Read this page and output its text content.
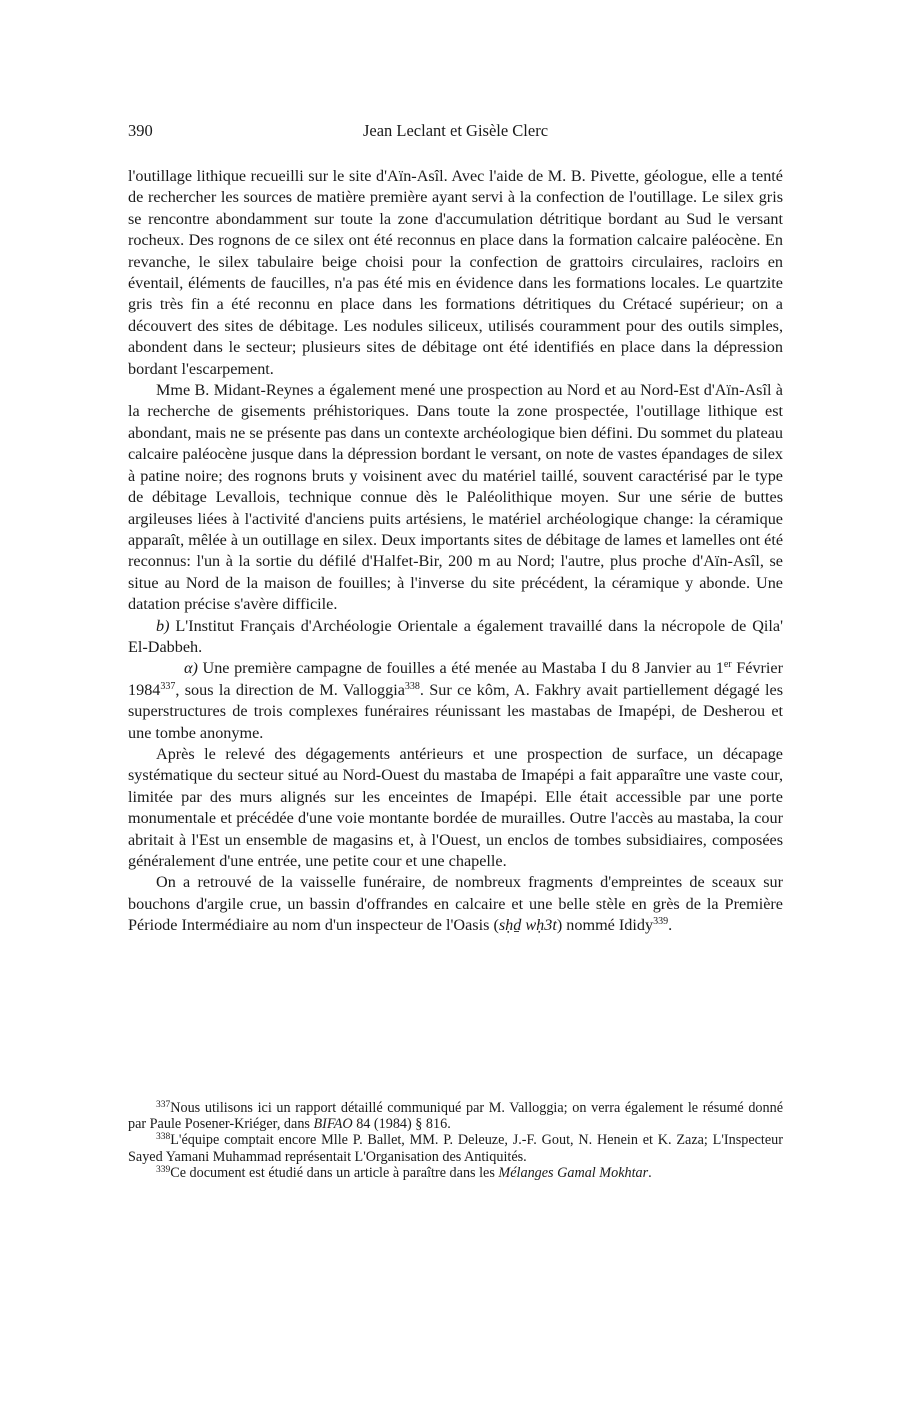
390	Jean Leclant et Gisèle Clerc

l'outillage lithique recueilli sur le site d'Aïn-Asîl. Avec l'aide de M. B. Pivette, géologue, elle a tenté de rechercher les sources de matière première ayant servi à la confection de l'outillage. Le silex gris se rencontre abondamment sur toute la zone d'accumulation détritique bordant au Sud le versant rocheux. Des rognons de ce silex ont été reconnus en place dans la formation calcaire paléocène. En revanche, le silex tabulaire beige choisi pour la confection de grattoirs circulaires, racloirs en éventail, éléments de faucilles, n'a pas été mis en évidence dans les formations locales. Le quartzite gris très fin a été reconnu en place dans les formations détritiques du Crétacé supérieur; on a découvert des sites de débitage. Les nodules siliceux, utilisés couramment pour des outils simples, abondent dans le secteur; plusieurs sites de débitage ont été identifiés en place dans la dépression bordant l'escarpement.

Mme B. Midant-Reynes a également mené une prospection au Nord et au Nord-Est d'Aïn-Asîl à la recherche de gisements préhistoriques. Dans toute la zone prospectée, l'outillage lithique est abondant, mais ne se présente pas dans un contexte archéologique bien défini. Du sommet du plateau calcaire paléocène jusque dans la dépression bordant le versant, on note de vastes épandages de silex à patine noire; des rognons bruts y voisinent avec du matériel taillé, souvent caractérisé par le type de débitage Levallois, technique connue dès le Paléolithique moyen. Sur une série de buttes argileuses liées à l'activité d'anciens puits artésiens, le matériel archéologique change: la céramique apparaît, mêlée à un outillage en silex. Deux importants sites de débitage de lames et lamelles ont été reconnus: l'un à la sortie du défilé d'Halfet-Bir, 200 m au Nord; l'autre, plus proche d'Aïn-Asîl, se situe au Nord de la maison de fouilles; à l'inverse du site précédent, la céramique y abonde. Une datation précise s'avère difficile.

b) L'Institut Français d'Archéologie Orientale a également travaillé dans la nécropole de Qila' El-Dabbeh.

α) Une première campagne de fouilles a été menée au Mastaba I du 8 Janvier au 1er Février 1984$^{337}$, sous la direction de M. Valloggia$^{338}$. Sur ce kôm, A. Fakhry avait partiellement dégagé les superstructures de trois complexes funéraires réunissant les mastabas de Imapépi, de Desherou et une tombe anonyme.

Après le relevé des dégagements antérieurs et une prospection de surface, un décapage systématique du secteur situé au Nord-Ouest du mastaba de Imapépi a fait apparaître une vaste cour, limitée par des murs alignés sur les enceintes de Imapépi. Elle était accessible par une porte monumentale et précédée d'une voie montante bordée de murailles. Outre l'accès au mastaba, la cour abritait à l'Est un ensemble de magasins et, à l'Ouest, un enclos de tombes subsidiaires, composées généralement d'une entrée, une petite cour et une chapelle.

On a retrouvé de la vaisselle funéraire, de nombreux fragments d'empreintes de sceaux sur bouchons d'argile crue, un bassin d'offrandes en calcaire et une belle stèle en grès de la Première Période Intermédiaire au nom d'un inspecteur de l'Oasis (sḥḏ wḥ3t) nommé Ididy$^{339}$.

$^{337}$Nous utilisons ici un rapport détaillé communiqué par M. Valloggia; on verra également le résumé donné par Paule Posener-Kriéger, dans BIFAO 84 (1984) § 816.

$^{338}$L'équipe comptait encore Mlle P. Ballet, MM. P. Deleuze, J.-F. Gout, N. Henein et K. Zaza; L'Inspecteur Sayed Yamani Muhammad représentait L'Organisation des Antiquités.

$^{339}$Ce document est étudié dans un article à paraître dans les Mélanges Gamal Mokhtar.
